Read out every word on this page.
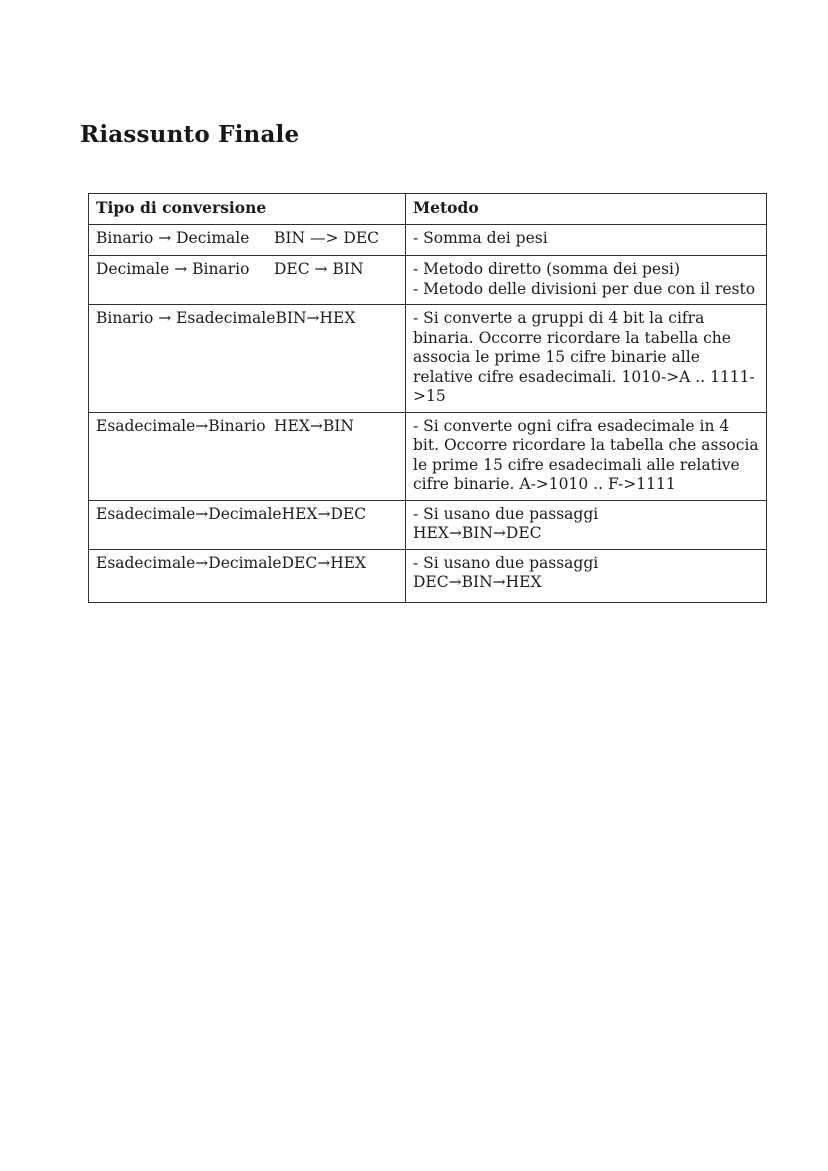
Riassunto Finale
Tipo di conversione	Metodo
Binario → Decimale BIN —> DEC	- Somma dei pesi

Decimale → Binario DEC → BIN	- Metodo diretto (somma dei pesi)
- Metodo delle divisioni per due con il resto

Binario → EsadecimaleBIN→HEX	- Si converte a gruppi di 4 bit la cifra binaria. Occorre ricordare la tabella che associa le prime 15 cifre binarie alle relative cifre esadecimali. 1010->A .. 1111->15

Esadecimale→Binario HEX→BIN	- Si converte ogni cifra esadecimale in 4 bit. Occorre ricordare la tabella che associa le prime 15 cifre esadecimali alle relative cifre binarie. A->1010 .. F->1111

Esadecimale→DecimaleHEX→DEC	- Si usano due passaggi
HEX→BIN→DEC

Esadecimale→DecimaleDEC→HEX	- Si usano due passaggi
DEC→BIN→HEX
